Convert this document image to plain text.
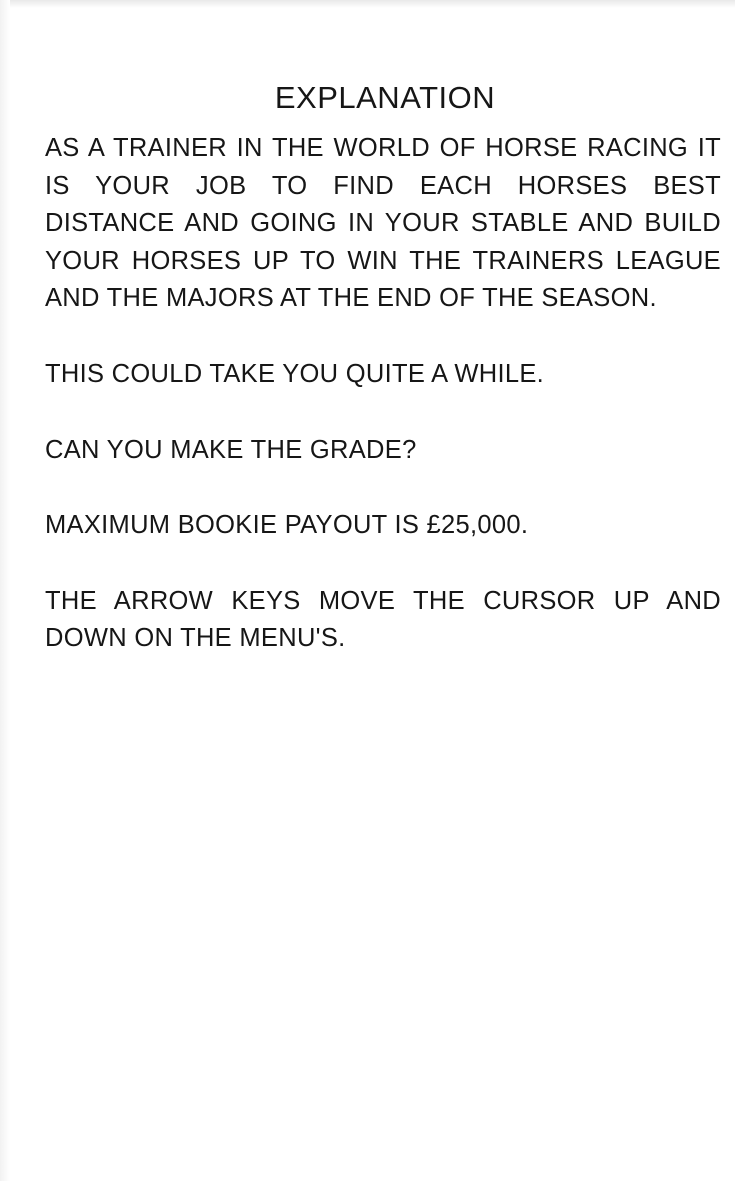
EXPLANATION

AS A TRAINER IN THE WORLD OF HORSE RACING IT IS YOUR JOB TO FIND EACH HORSES BEST DISTANCE AND GOING IN YOUR STABLE AND BUILD YOUR HORSES UP TO WIN THE TRAINERS LEAGUE AND THE MAJORS AT THE END OF THE SEASON.

THIS COULD TAKE YOU QUITE A WHILE.

CAN YOU MAKE THE GRADE?

MAXIMUM BOOKIE PAYOUT IS £25,000.

THE ARROW KEYS MOVE THE CURSOR UP AND DOWN ON THE MENU'S.
